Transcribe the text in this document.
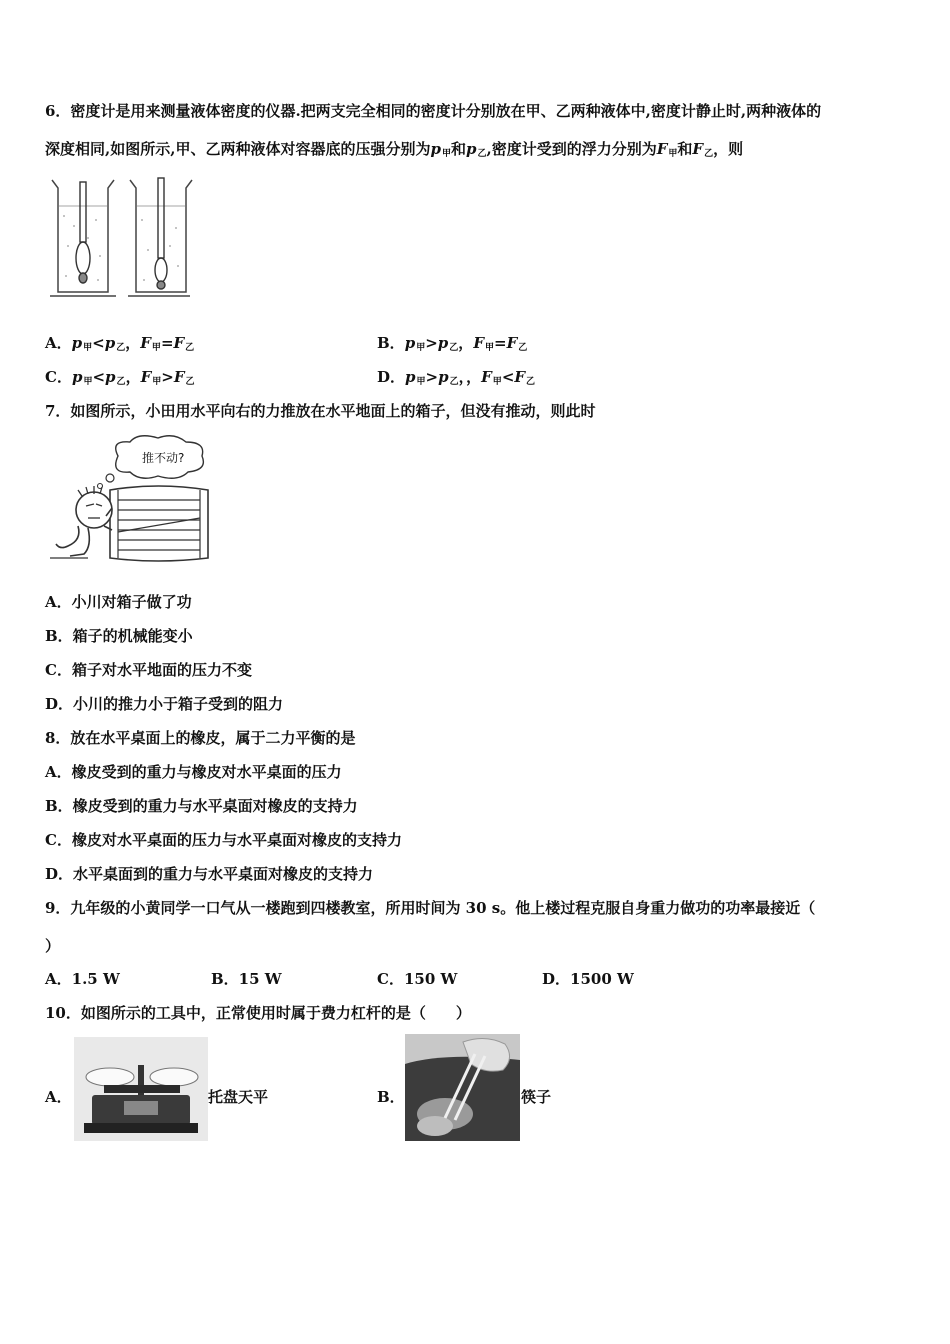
6．密度计是用来测量液体密度的仪器.把两支完全相同的密度计分别放在甲、乙两种液体中,密度计静止时,两种液体的
深度相同,如图所示,甲、乙两种液体对容器底的压强分别为$p_甲$和$p_乙$,密度计受到的浮力分别为$F_甲$和$F_乙$，则
A．$p_甲<p_乙$，$F_甲=F_乙$	B．$p_甲>p_乙$，$F_甲=F_乙$
C．$p_甲<p_乙$，$F_甲>F_乙$	D．$p_甲>p_乙$，，$F_甲<F_乙$
7．如图所示，小田用水平向右的力推放在水平地面上的箱子，但没有推动，则此时
推不动?
A．小川对箱子做了功
B．箱子的机械能变小
C．箱子对水平地面的压力不变
D．小川的推力小于箱子受到的阻力
8．放在水平桌面上的橡皮，属于二力平衡的是
A．橡皮受到的重力与橡皮对水平桌面的压力
B．橡皮受到的重力与水平桌面对橡皮的支持力
C．橡皮对水平桌面的压力与水平桌面对橡皮的支持力
D．水平桌面到的重力与水平桌面对橡皮的支持力
9．九年级的小黄同学一口气从一楼跑到四楼教室，所用时间为 30 s。他上楼过程克服自身重力做功的功率最接近（
）
A．1.5 W	B．15 W	C．150 W	D．1500 W
10．如图所示的工具中，正常使用时属于费力杠杆的是（　　）
A．	托盘天平	B．	筷子
